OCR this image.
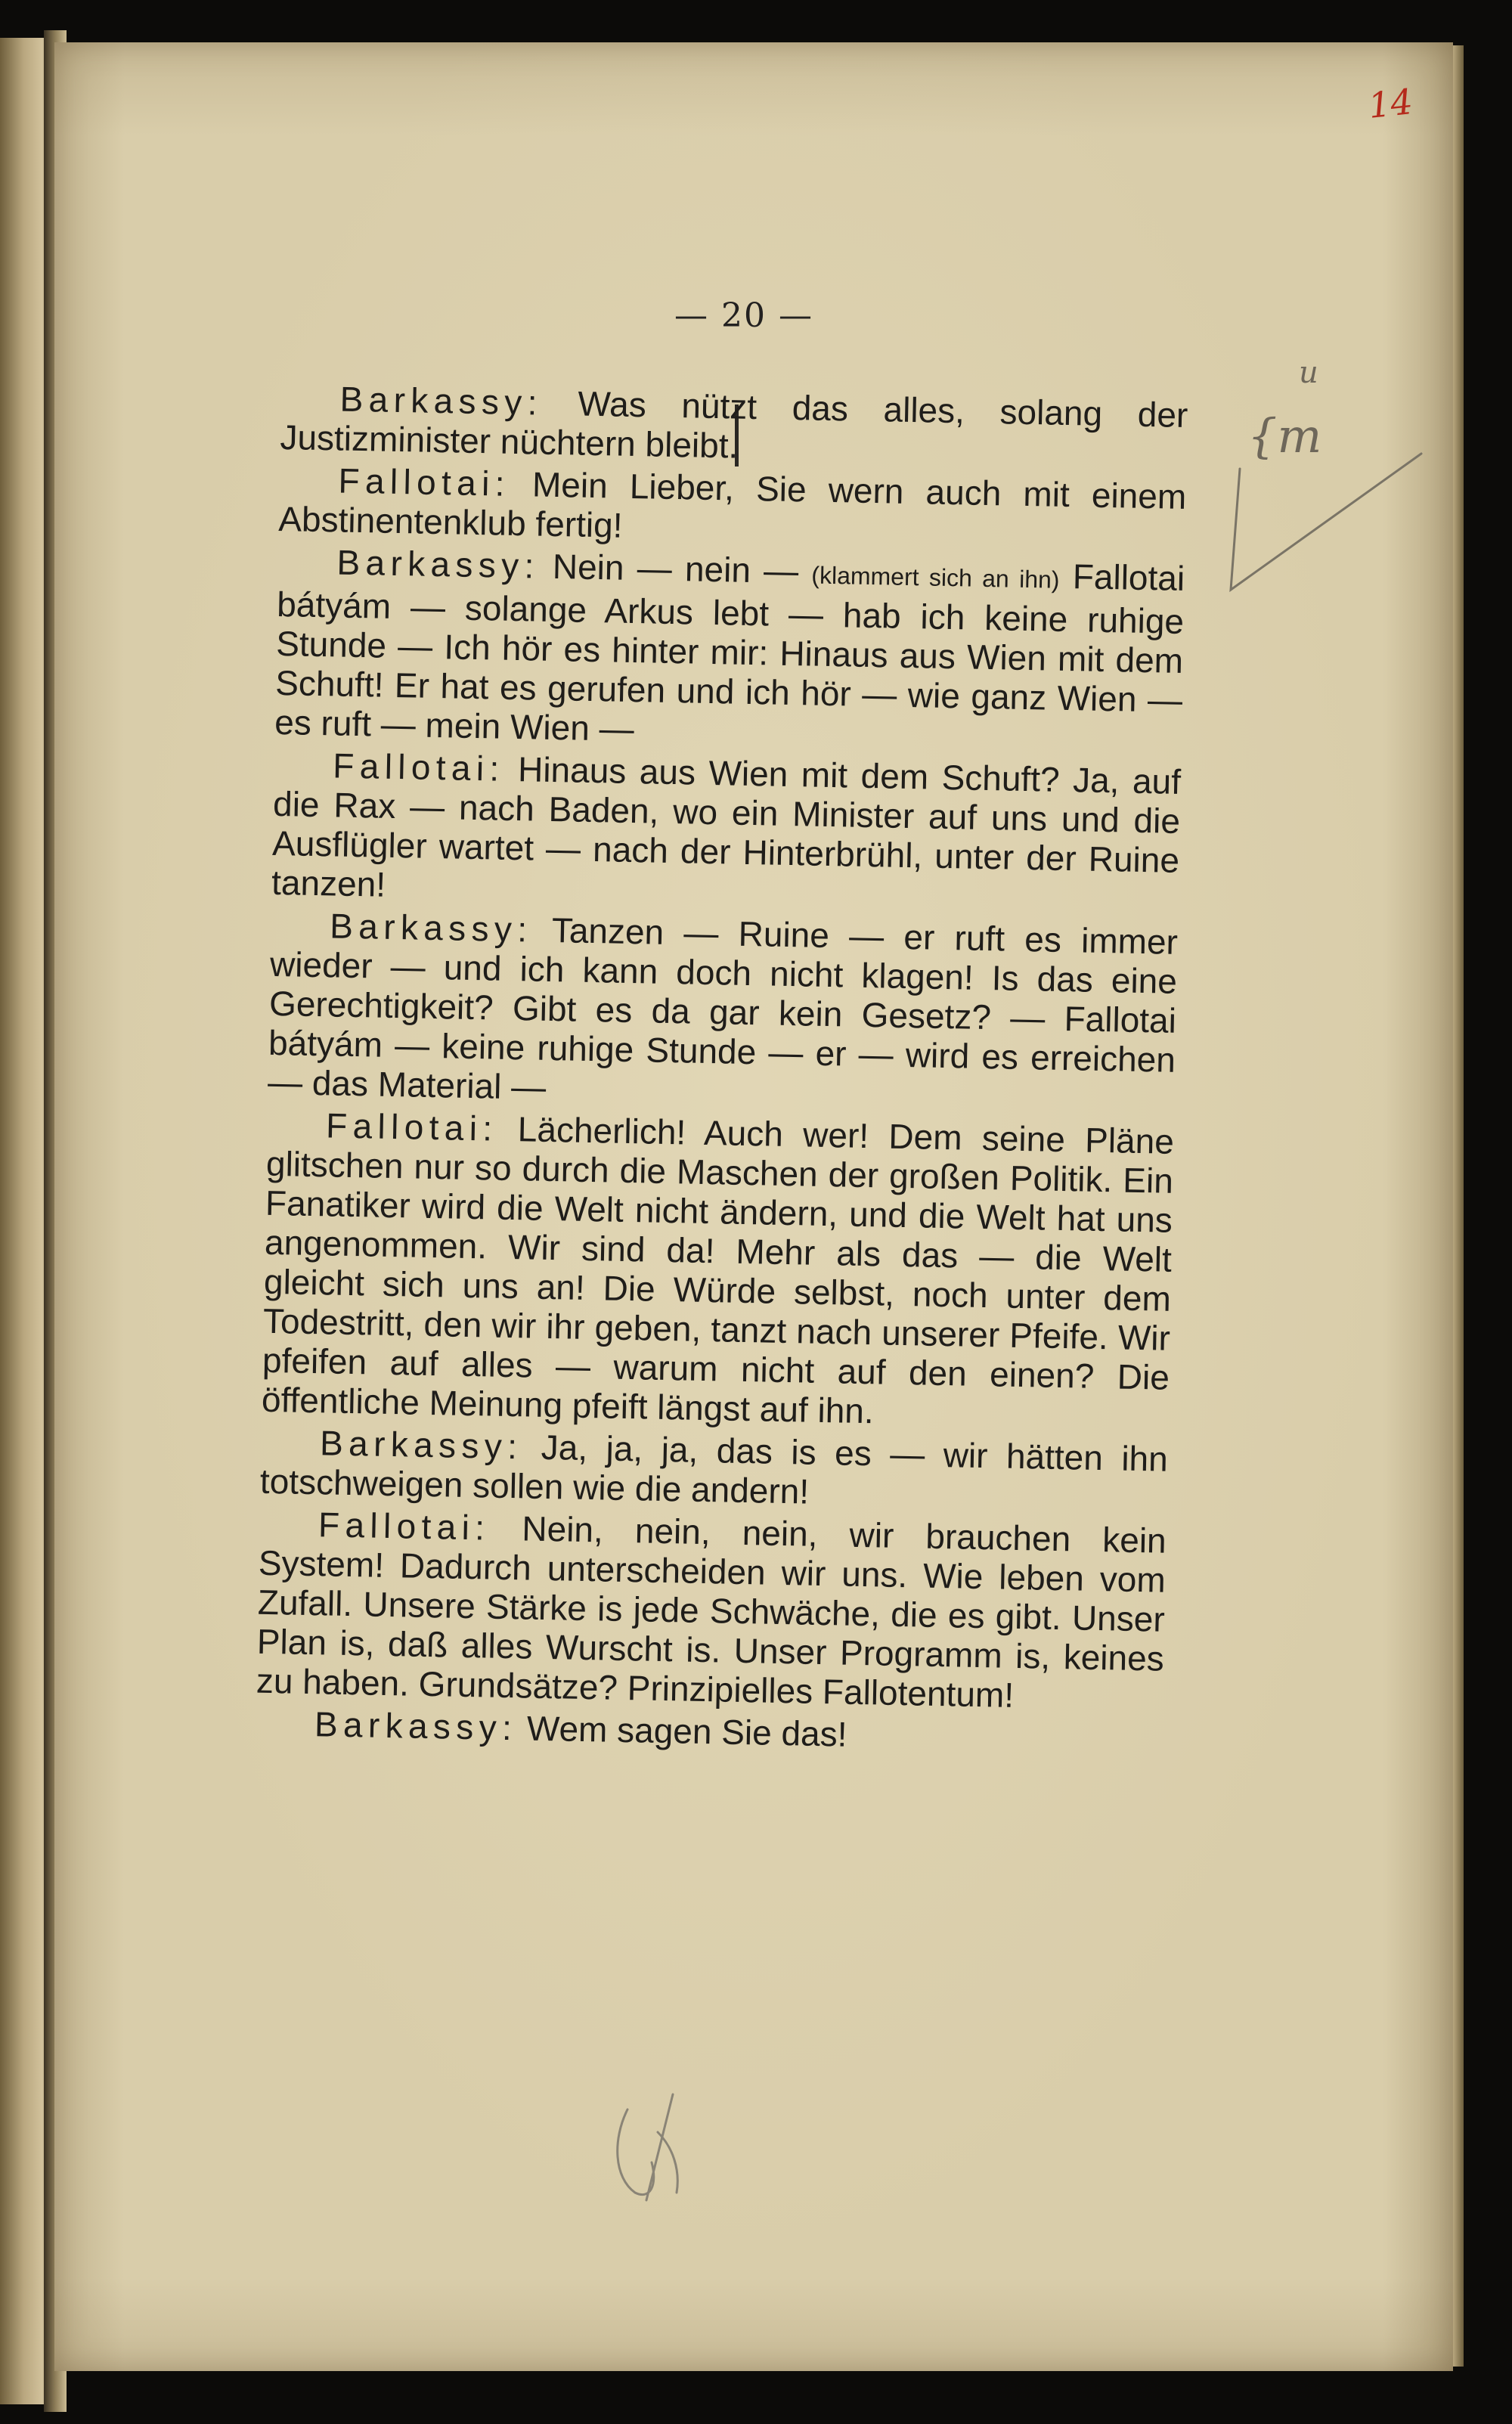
14
— 20 —
u
{m

Barkassy: Was nützt das alles, solang der Justizminister nüchtern bleibt.

Fallotai: Mein Lieber, Sie wern auch mit einem Abstinentenklub fertig!

Barkassy: Nein — nein — (klammert sich an ihn) Fallotai bátyám — solange Arkus lebt — hab ich keine ruhige Stunde — Ich hör es hinter mir: Hinaus aus Wien mit dem Schuft! Er hat es gerufen und ich hör — wie ganz Wien — es ruft — mein Wien —

Fallotai: Hinaus aus Wien mit dem Schuft? Ja, auf die Rax — nach Baden, wo ein Minister auf uns und die Ausflügler wartet — nach der Hinterbrühl, unter der Ruine tanzen!

Barkassy: Tanzen — Ruine — er ruft es immer wieder — und ich kann doch nicht klagen! Is das eine Gerechtigkeit? Gibt es da gar kein Gesetz? — Fallotai bátyám — keine ruhige Stunde — er — wird es erreichen — das Material —

Fallotai: Lächerlich! Auch wer! Dem seine Pläne glitschen nur so durch die Maschen der großen Politik. Ein Fanatiker wird die Welt nicht ändern, und die Welt hat uns angenommen. Wir sind da! Mehr als das — die Welt gleicht sich uns an! Die Würde selbst, noch unter dem Todestritt, den wir ihr geben, tanzt nach unserer Pfeife. Wir pfeifen auf alles — warum nicht auf den einen? Die öffentliche Meinung pfeift längst auf ihn.

Barkassy: Ja, ja, ja, das is es — wir hätten ihn totschweigen sollen wie die andern!

Fallotai: Nein, nein, nein, wir brauchen kein System! Dadurch unterscheiden wir uns. Wie leben vom Zufall. Unsere Stärke is jede Schwäche, die es gibt. Unser Plan is, daß alles Wurscht is. Unser Programm is, keines zu haben. Grundsätze? Prinzipielles Fallotentum!

Barkassy: Wem sagen Sie das!
